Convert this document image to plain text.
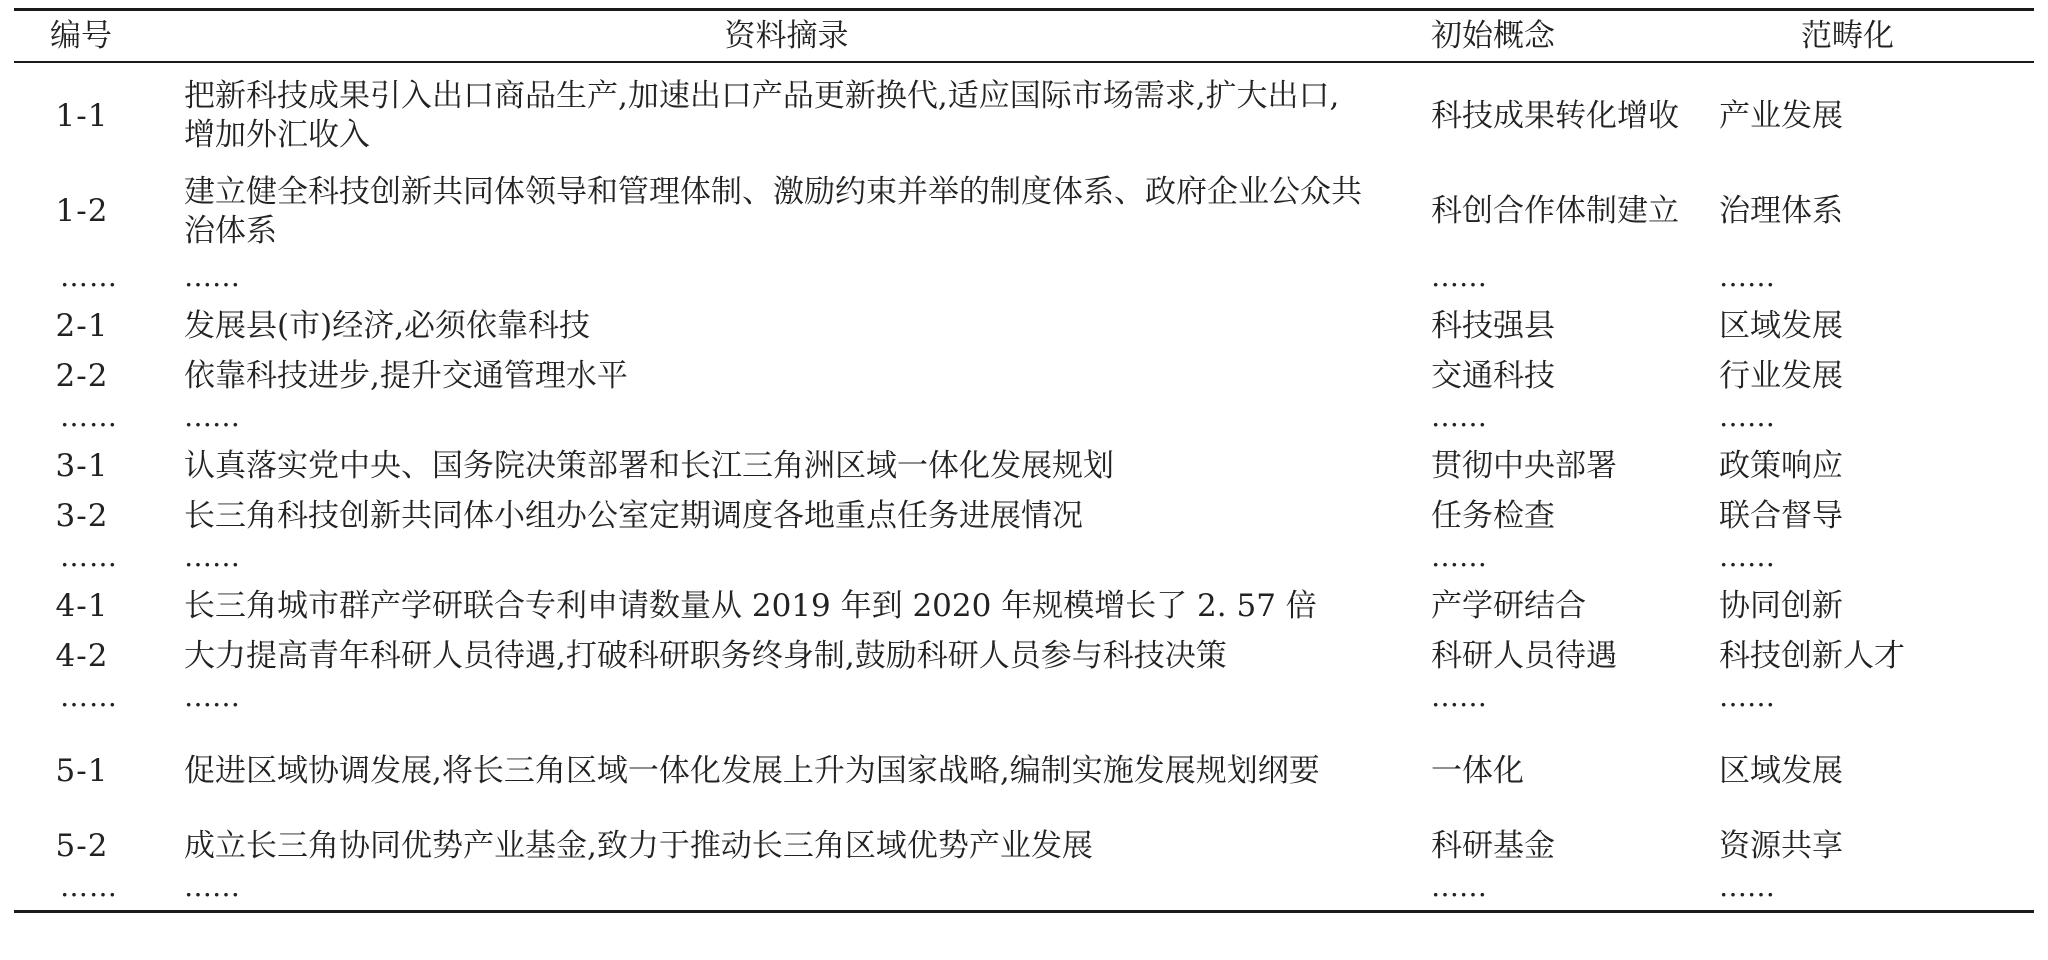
编号	资料摘录	初始概念	范畴化
1-1	把新科技成果引入出口商品生产,加速出口产品更新换代,适应国际市场需求,扩大出口,增加外汇收入	科技成果转化增收	产业发展
1-2	建立健全科技创新共同体领导和管理体制、激励约束并举的制度体系、政府企业公众共治体系	科创合作体制建立	治理体系
……	……	……	……
2-1	发展县(市)经济,必须依靠科技	科技强县	区域发展
2-2	依靠科技进步,提升交通管理水平	交通科技	行业发展
……	……	……	……
3-1	认真落实党中央、国务院决策部署和长江三角洲区域一体化发展规划	贯彻中央部署	政策响应
3-2	长三角科技创新共同体小组办公室定期调度各地重点任务进展情况	任务检查	联合督导
……	……	……	……
4-1	长三角城市群产学研联合专利申请数量从 2019 年到 2020 年规模增长了 2. 57 倍	产学研结合	协同创新
4-2	大力提高青年科研人员待遇,打破科研职务终身制,鼓励科研人员参与科技决策	科研人员待遇	科技创新人才
……	……	……	……
5-1	促进区域协调发展,将长三角区域一体化发展上升为国家战略,编制实施发展规划纲要	一体化	区域发展
5-2	成立长三角协同优势产业基金,致力于推动长三角区域优势产业发展	科研基金	资源共享
……	……	……	……
